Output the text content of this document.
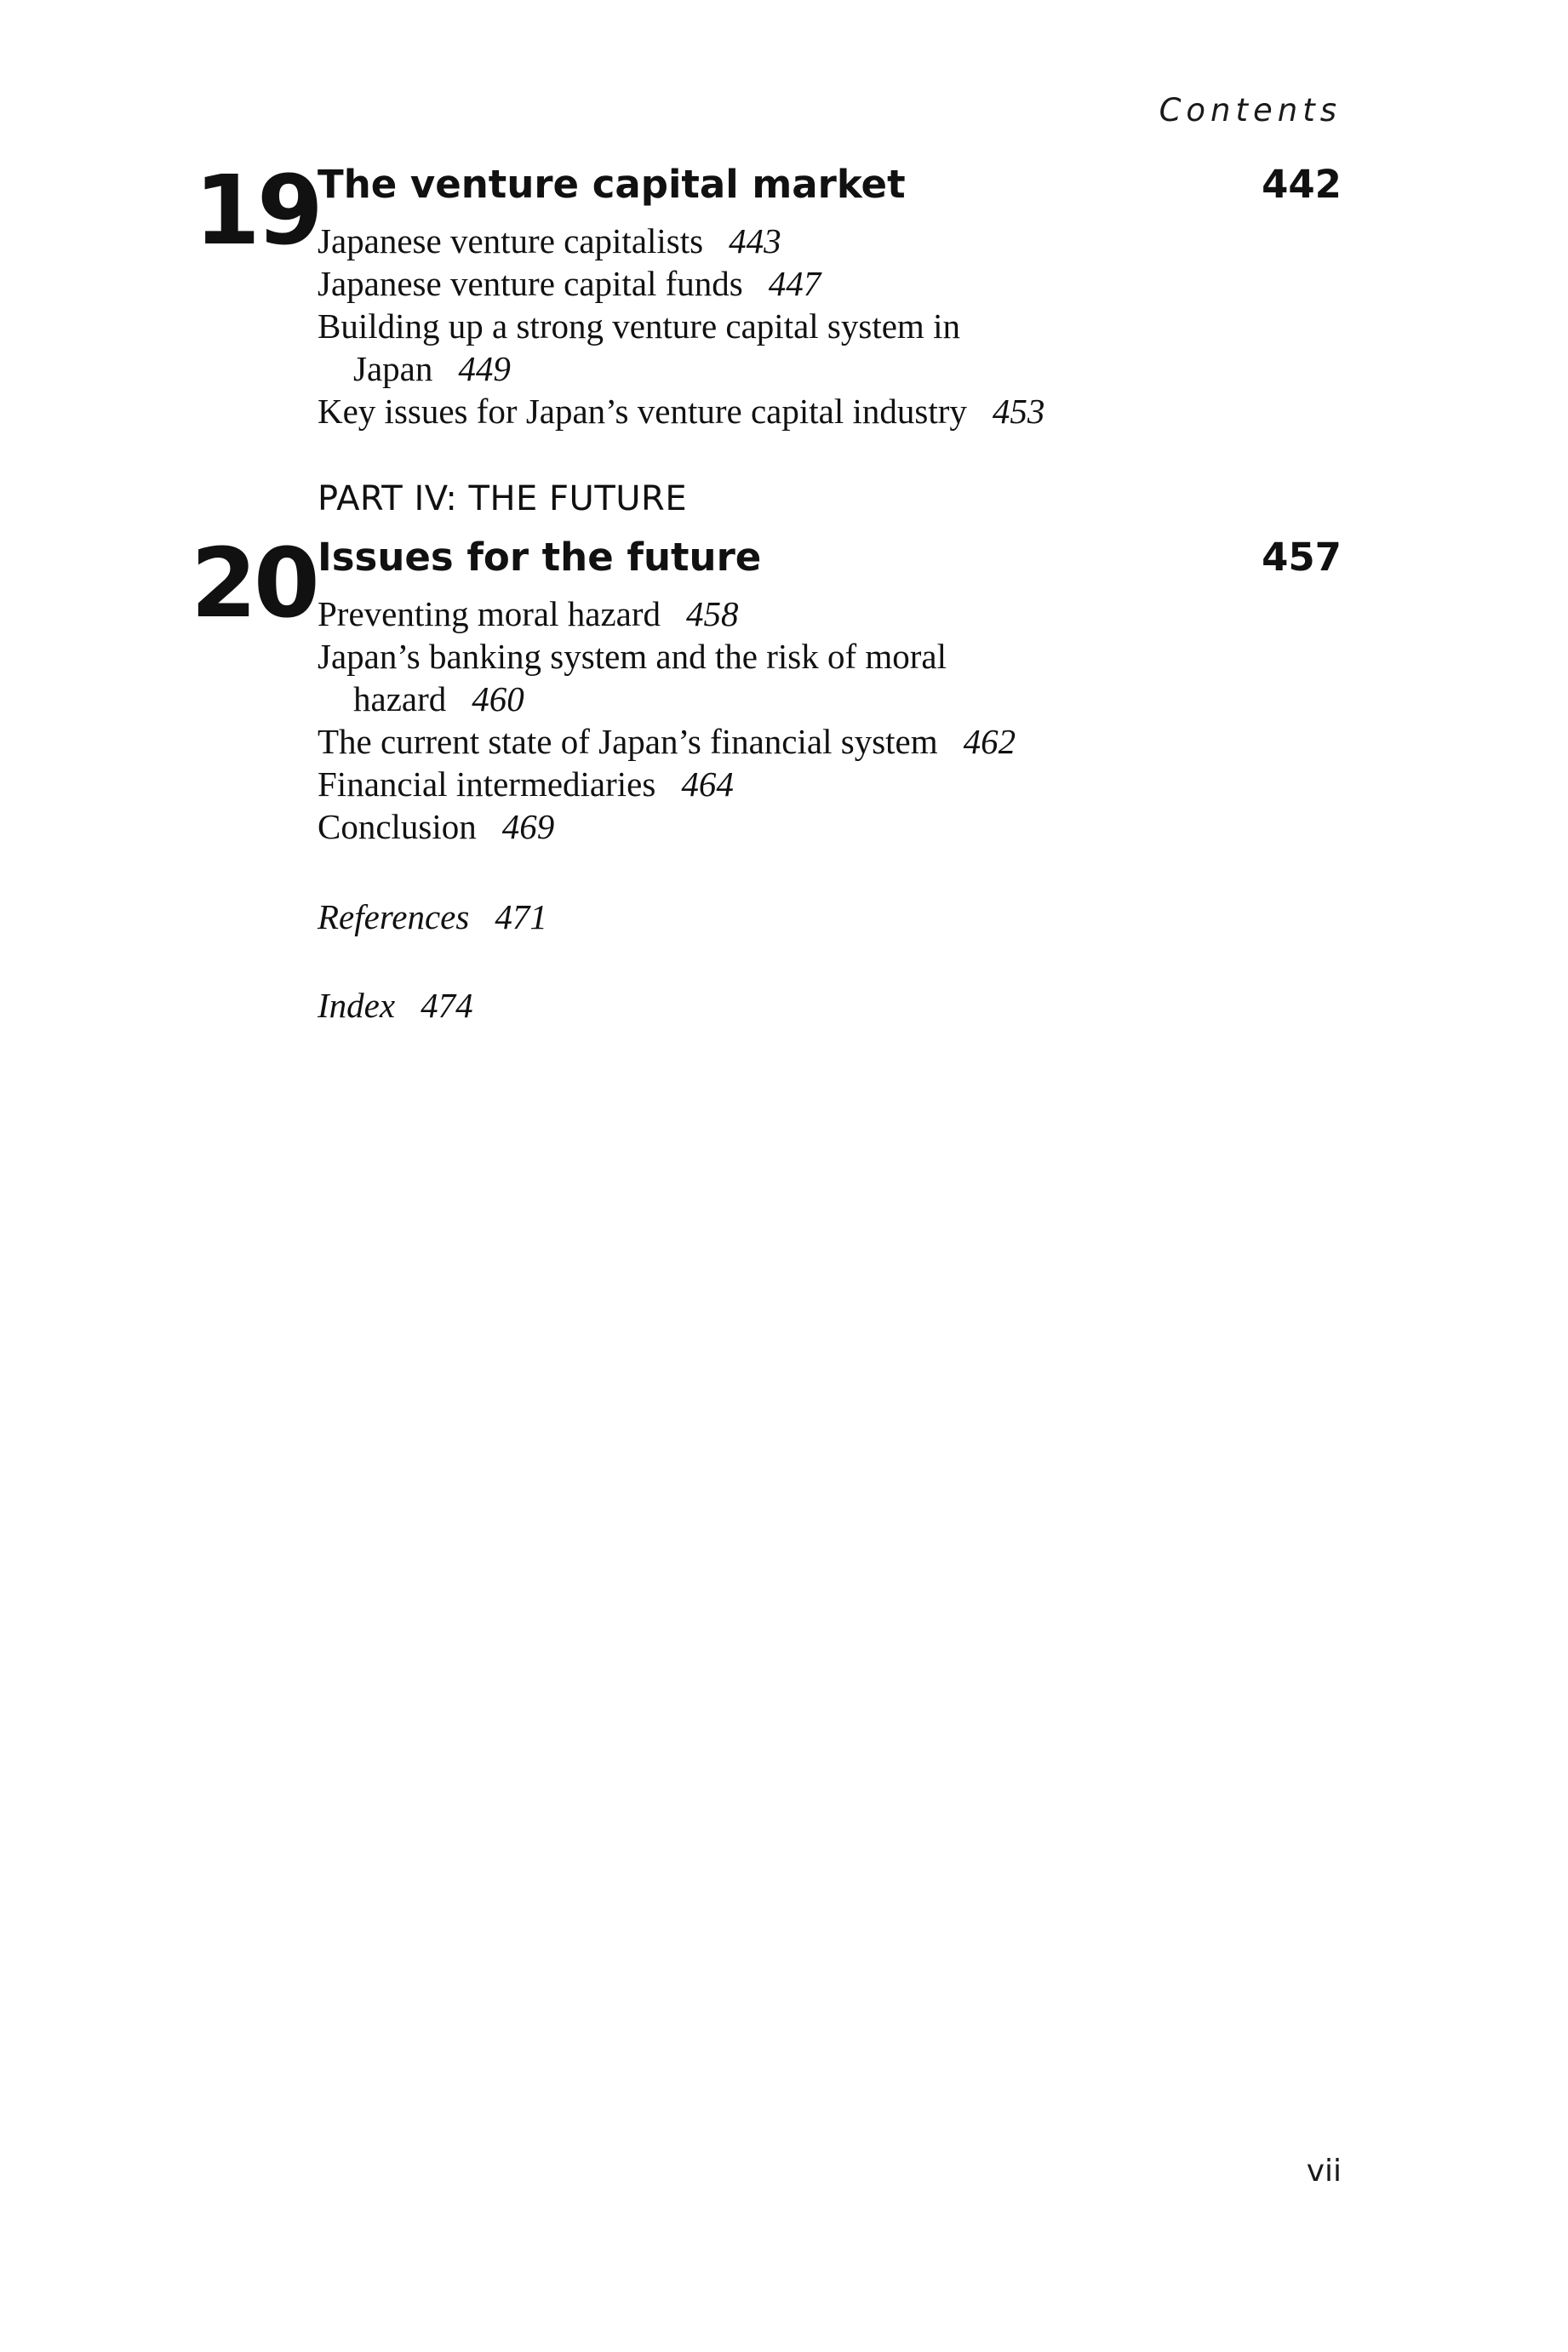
Contents
19
The venture capital market	442
Japanese venture capitalists 443
Japanese venture capital funds 447
Building up a strong venture capital system in
Japan 449
Key issues for Japan’s venture capital industry 453
PART IV: THE FUTURE
20 Issues for the future	457
Preventing moral hazard 458
Japan’s banking system and the risk of moral
hazard 460
The current state of Japan’s financial system 462
Financial intermediaries 464
Conclusion 469
References 471
Index 474
vii
